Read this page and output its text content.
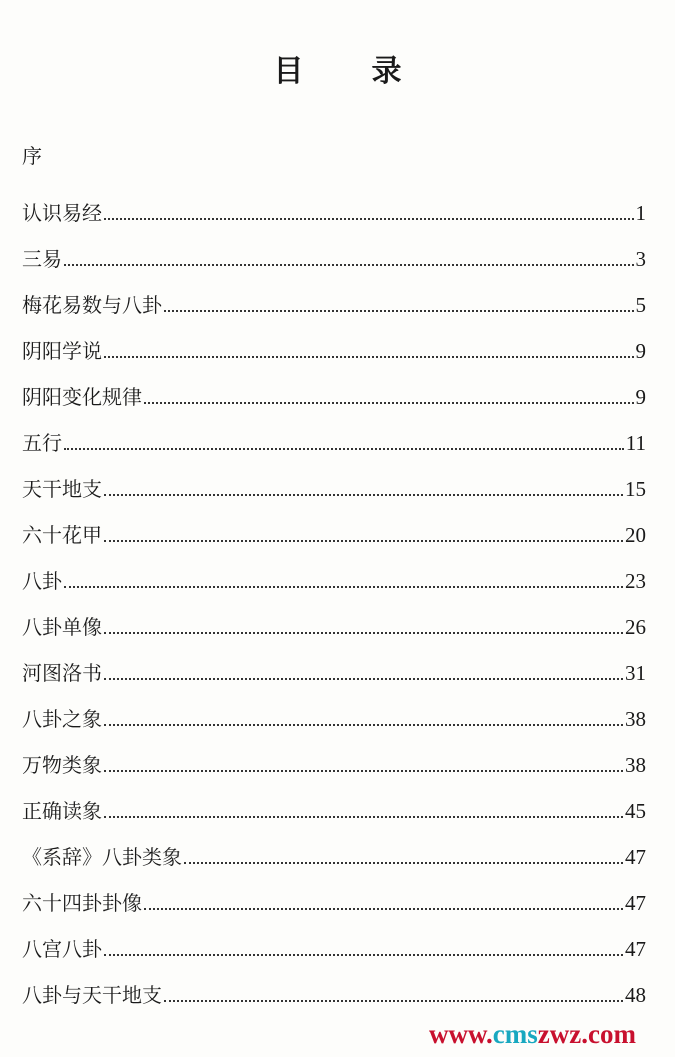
目 录
序
认识易经	1
三易	3
梅花易数与八卦	5
阴阳学说	9
阴阳变化规律	9
五行	11
天干地支	15
六十花甲	20
八卦	23
八卦单像	26
河图洛书	31
八卦之象	38
万物类象	38
正确读象	45
《系辞》八卦类象	47
六十四卦卦像	47
八宫八卦	47
八卦与天干地支	48
www.cmszwz.com
